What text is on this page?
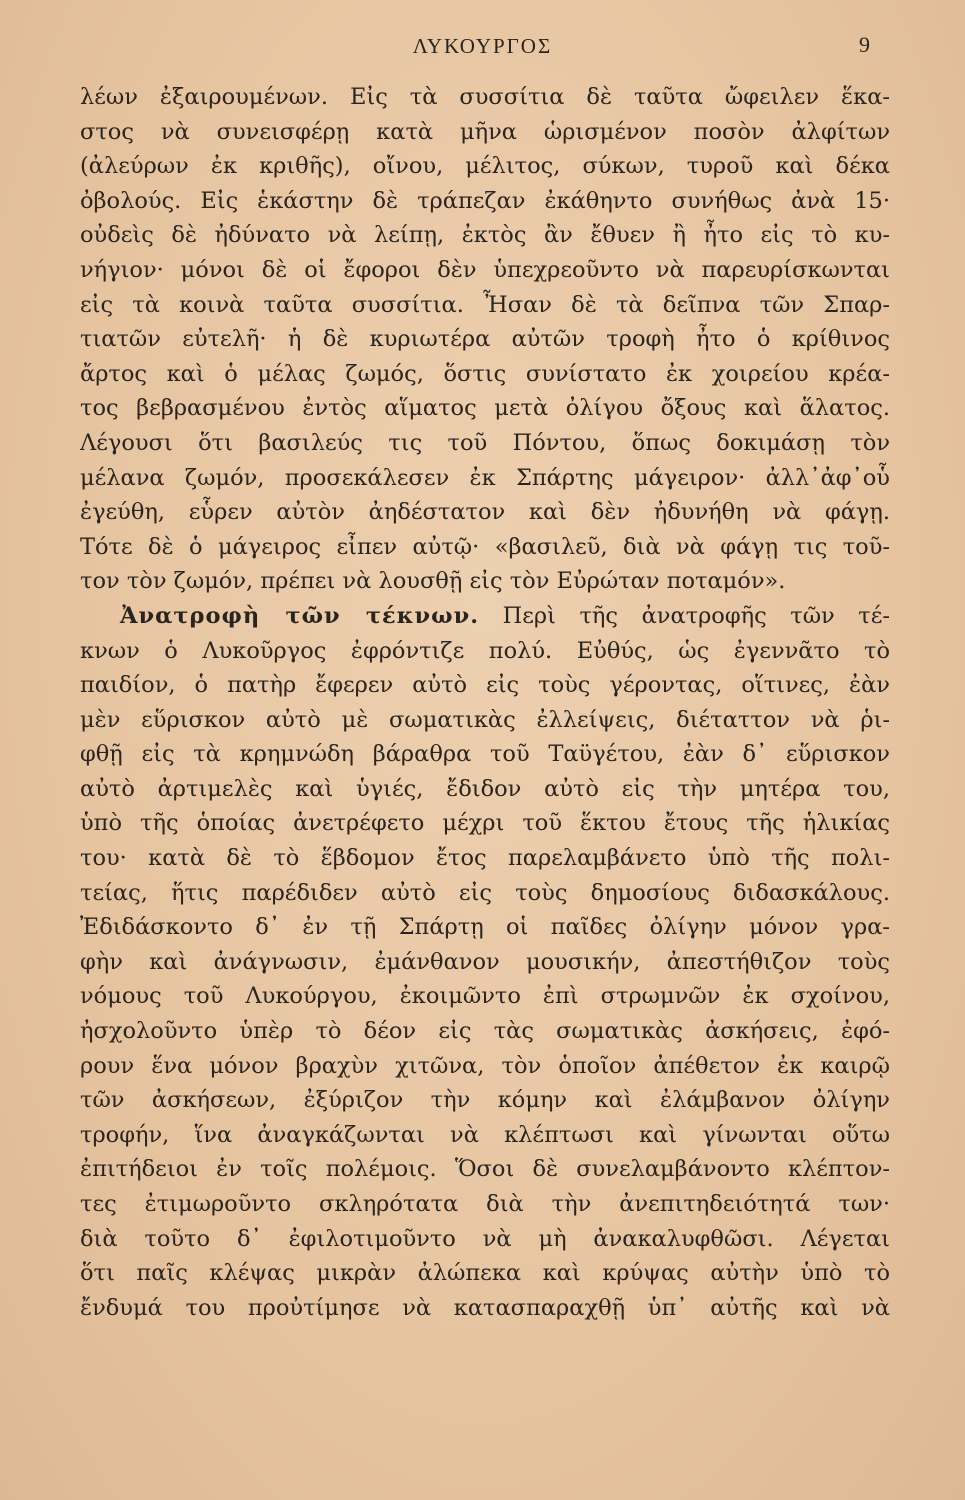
ΛΥΚΟΥΡΓΟΣ	9
λέων ἐξαιρουμένων. Εἰς τὰ συσσίτια δὲ ταῦτα ὤφειλεν ἕκα-
στος νὰ συνεισφέρῃ κατὰ μῆνα ὡρισμένον ποσὸν ἀλφίτων
(ἀλεύρων ἐκ κριθῆς), οἴνου, μέλιτος, σύκων, τυροῦ καὶ δέκα
ὀβολούς. Εἰς ἑκάστην δὲ τράπεζαν ἐκάθηντο συνήθως ἀνὰ 15·
οὐδεὶς δὲ ἠδύνατο νὰ λείπῃ, ἐκτὸς ἂν ἔθυεν ἢ ἦτο εἰς τὸ κυ-
νήγιον· μόνοι δὲ οἱ ἔφοροι δὲν ὑπεχρεοῦντο νὰ παρευρίσκωνται
εἰς τὰ κοινὰ ταῦτα συσσίτια. Ἦσαν δὲ τὰ δεῖπνα τῶν Σπαρ-
τιατῶν εὐτελῆ· ἡ δὲ κυριωτέρα αὐτῶν τροφὴ ἦτο ὁ κρίθινος
ἄρτος καὶ ὁ μέλας ζωμός, ὅστις συνίστατο ἐκ χοιρείου κρέα-
τος βεβρασμένου ἐντὸς αἵματος μετὰ ὀλίγου ὄξους καὶ ἅλατος.
Λέγουσι ὅτι βασιλεύς τις τοῦ Πόντου, ὅπως δοκιμάσῃ τὸν
μέλανα ζωμόν, προσεκάλεσεν ἐκ Σπάρτης μάγειρον· ἀλλ᾽ἀφ᾽οὗ
ἐγεύθη, εὗρεν αὐτὸν ἀηδέστατον καὶ δὲν ἠδυνήθη νὰ φάγῃ.
Τότε δὲ ὁ μάγειρος εἶπεν αὐτῷ· «βασιλεῦ, διὰ νὰ φάγῃ τις τοῦ-
τον τὸν ζωμόν, πρέπει νὰ λουσθῇ εἰς τὸν Εὐρώταν ποταμόν».
Ἀνατροφὴ τῶν τέκνων. Περὶ τῆς ἀνατροφῆς τῶν τέ-
κνων ὁ Λυκοῦργος ἐφρόντιζε πολύ. Εὐθύς, ὡς ἐγεννᾶτο τὸ
παιδίον, ὁ πατὴρ ἔφερεν αὐτὸ εἰς τοὺς γέροντας, οἵτινες, ἐὰν
μὲν εὕρισκον αὐτὸ μὲ σωματικὰς ἐλλείψεις, διέταττον νὰ ῥι-
φθῇ εἰς τὰ κρημνώδη βάραθρα τοῦ Ταϋγέτου, ἐὰν δ᾽ εὕρισκον
αὐτὸ ἀρτιμελὲς καὶ ὑγιές, ἔδιδον αὐτὸ εἰς τὴν μητέρα του,
ὑπὸ τῆς ὁποίας ἀνετρέφετο μέχρι τοῦ ἕκτου ἔτους τῆς ἡλικίας
του· κατὰ δὲ τὸ ἕβδομον ἔτος παρελαμβάνετο ὑπὸ τῆς πολι-
τείας, ἥτις παρέδιδεν αὐτὸ εἰς τοὺς δημοσίους διδασκάλους.
Ἐδιδάσκοντο δ᾽ ἐν τῇ Σπάρτῃ οἱ παῖδες ὀλίγην μόνον γρα-
φὴν καὶ ἀνάγνωσιν, ἐμάνθανον μουσικήν, ἀπεστήθιζον τοὺς
νόμους τοῦ Λυκούργου, ἐκοιμῶντο ἐπὶ στρωμνῶν ἐκ σχοίνου,
ἠσχολοῦντο ὑπὲρ τὸ δέον εἰς τὰς σωματικὰς ἀσκήσεις, ἐφό-
ρουν ἕνα μόνον βραχὺν χιτῶνα, τὸν ὁποῖον ἀπέθετον ἐκ καιρῷ
τῶν ἀσκήσεων, ἐξύριζον τὴν κόμην καὶ ἐλάμβανον ὀλίγην
τροφήν, ἵνα ἀναγκάζωνται νὰ κλέπτωσι καὶ γίνωνται οὕτω
ἐπιτήδειοι ἐν τοῖς πολέμοις. Ὅσοι δὲ συνελαμβάνοντο κλέπτον-
τες ἐτιμωροῦντο σκληρότατα διὰ τὴν ἀνεπιτηδειότητά των·
διὰ τοῦτο δ᾽ ἐφιλοτιμοῦντο νὰ μὴ ἀνακαλυφθῶσι. Λέγεται
ὅτι παῖς κλέψας μικρὰν ἀλώπεκα καὶ κρύψας αὐτὴν ὑπὸ τὸ
ἔνδυμά του προὐτίμησε νὰ κατασπαραχθῇ ὑπ᾽ αὐτῆς καὶ νὰ
